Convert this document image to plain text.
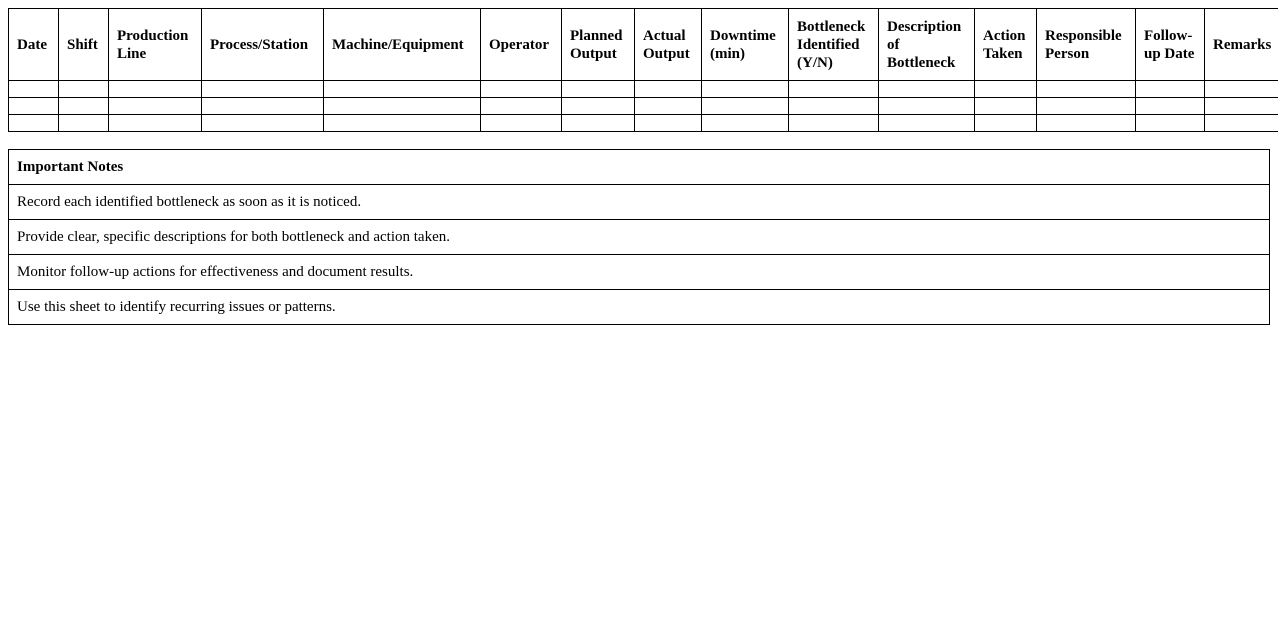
Date	Shift	Production Line	Process/Station	Machine/Equipment	Operator	Planned Output	Actual Output	Downtime (min)	Bottleneck Identified (Y/N)	Description of Bottleneck	Action Taken	Responsible Person	Follow-up Date	Remarks

Important Notes
Record each identified bottleneck as soon as it is noticed.
Provide clear, specific descriptions for both bottleneck and action taken.
Monitor follow-up actions for effectiveness and document results.
Use this sheet to identify recurring issues or patterns.
